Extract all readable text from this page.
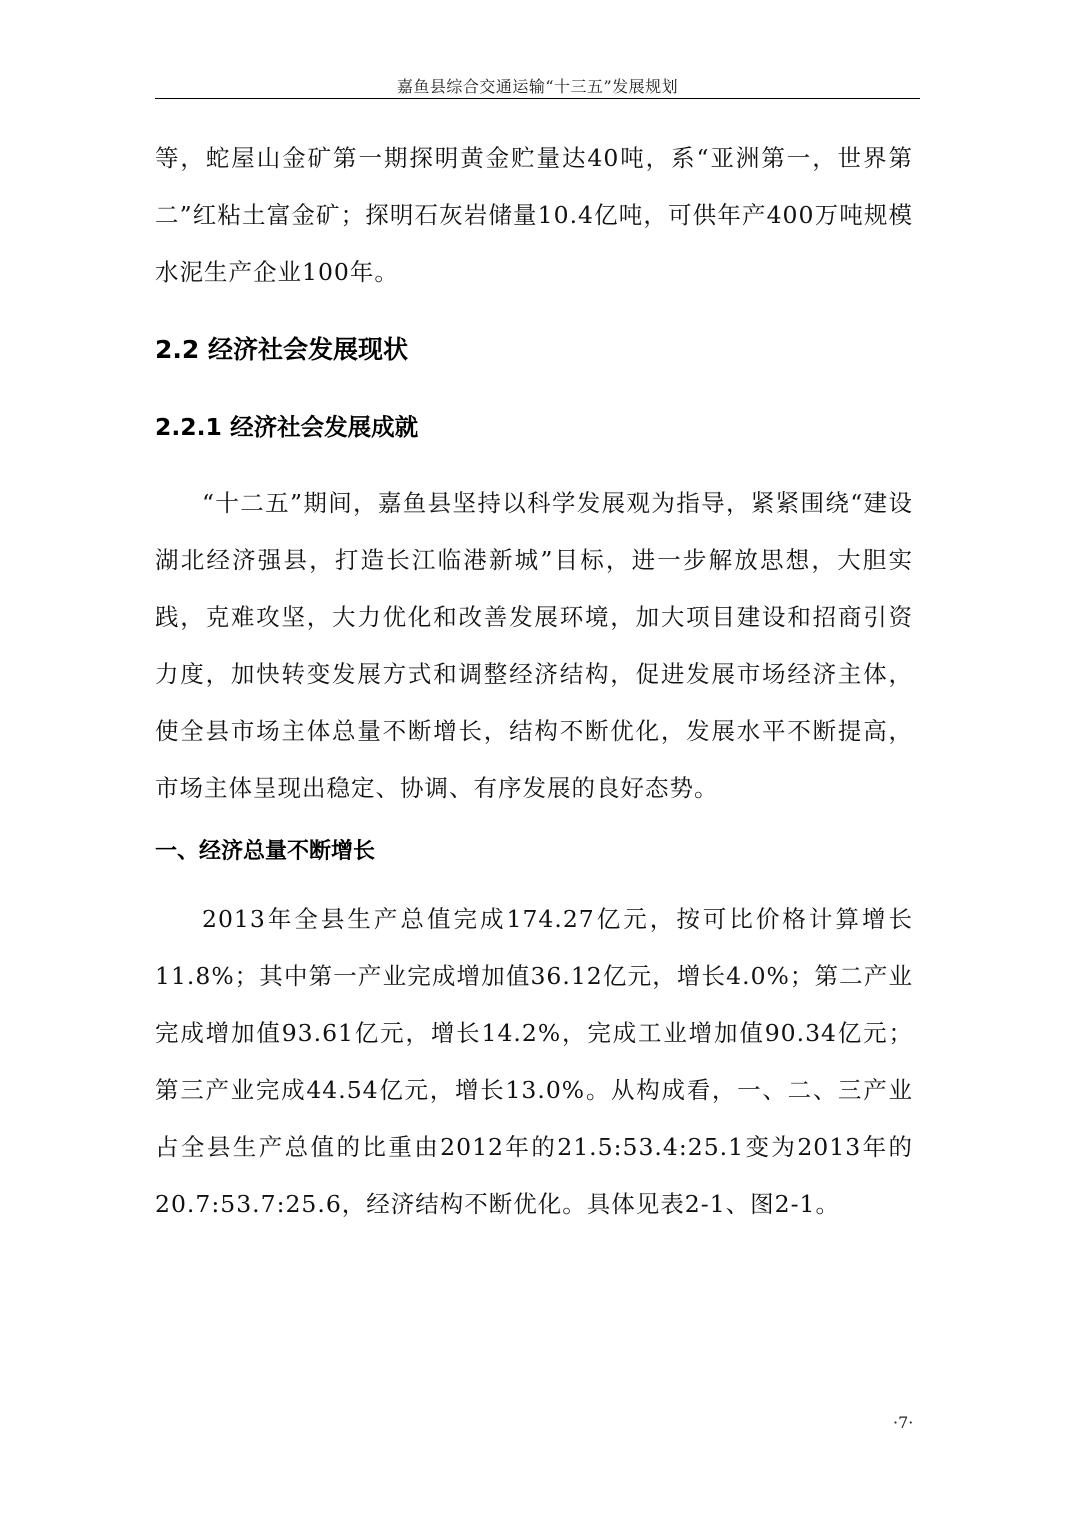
嘉鱼县综合交通运输“十三五”发展规划

等，蛇屋山金矿第一期探明黄金贮量达40吨，系“亚洲第一，世界第二”红粘土富金矿；探明石灰岩储量10.4亿吨，可供年产400万吨规模水泥生产企业100年。

2.2 经济社会发展现状
2.2.1 经济社会发展成就

“十二五”期间，嘉鱼县坚持以科学发展观为指导，紧紧围绕“建设湖北经济强县，打造长江临港新城”目标，进一步解放思想，大胆实践，克难攻坚，大力优化和改善发展环境，加大项目建设和招商引资力度，加快转变发展方式和调整经济结构，促进发展市场经济主体，使全县市场主体总量不断增长，结构不断优化，发展水平不断提高，市场主体呈现出稳定、协调、有序发展的良好态势。

一、经济总量不断增长

2013年全县生产总值完成174.27亿元，按可比价格计算增长11.8%；其中第一产业完成增加值36.12亿元，增长4.0%；第二产业完成增加值93.61亿元，增长14.2%，完成工业增加值90.34亿元；第三产业完成44.54亿元，增长13.0%。从构成看，一、二、三产业占全县生产总值的比重由2012年的21.5:53.4:25.1变为2013年的20.7:53.7:25.6，经济结构不断优化。具体见表2-1、图2-1。

·7·
